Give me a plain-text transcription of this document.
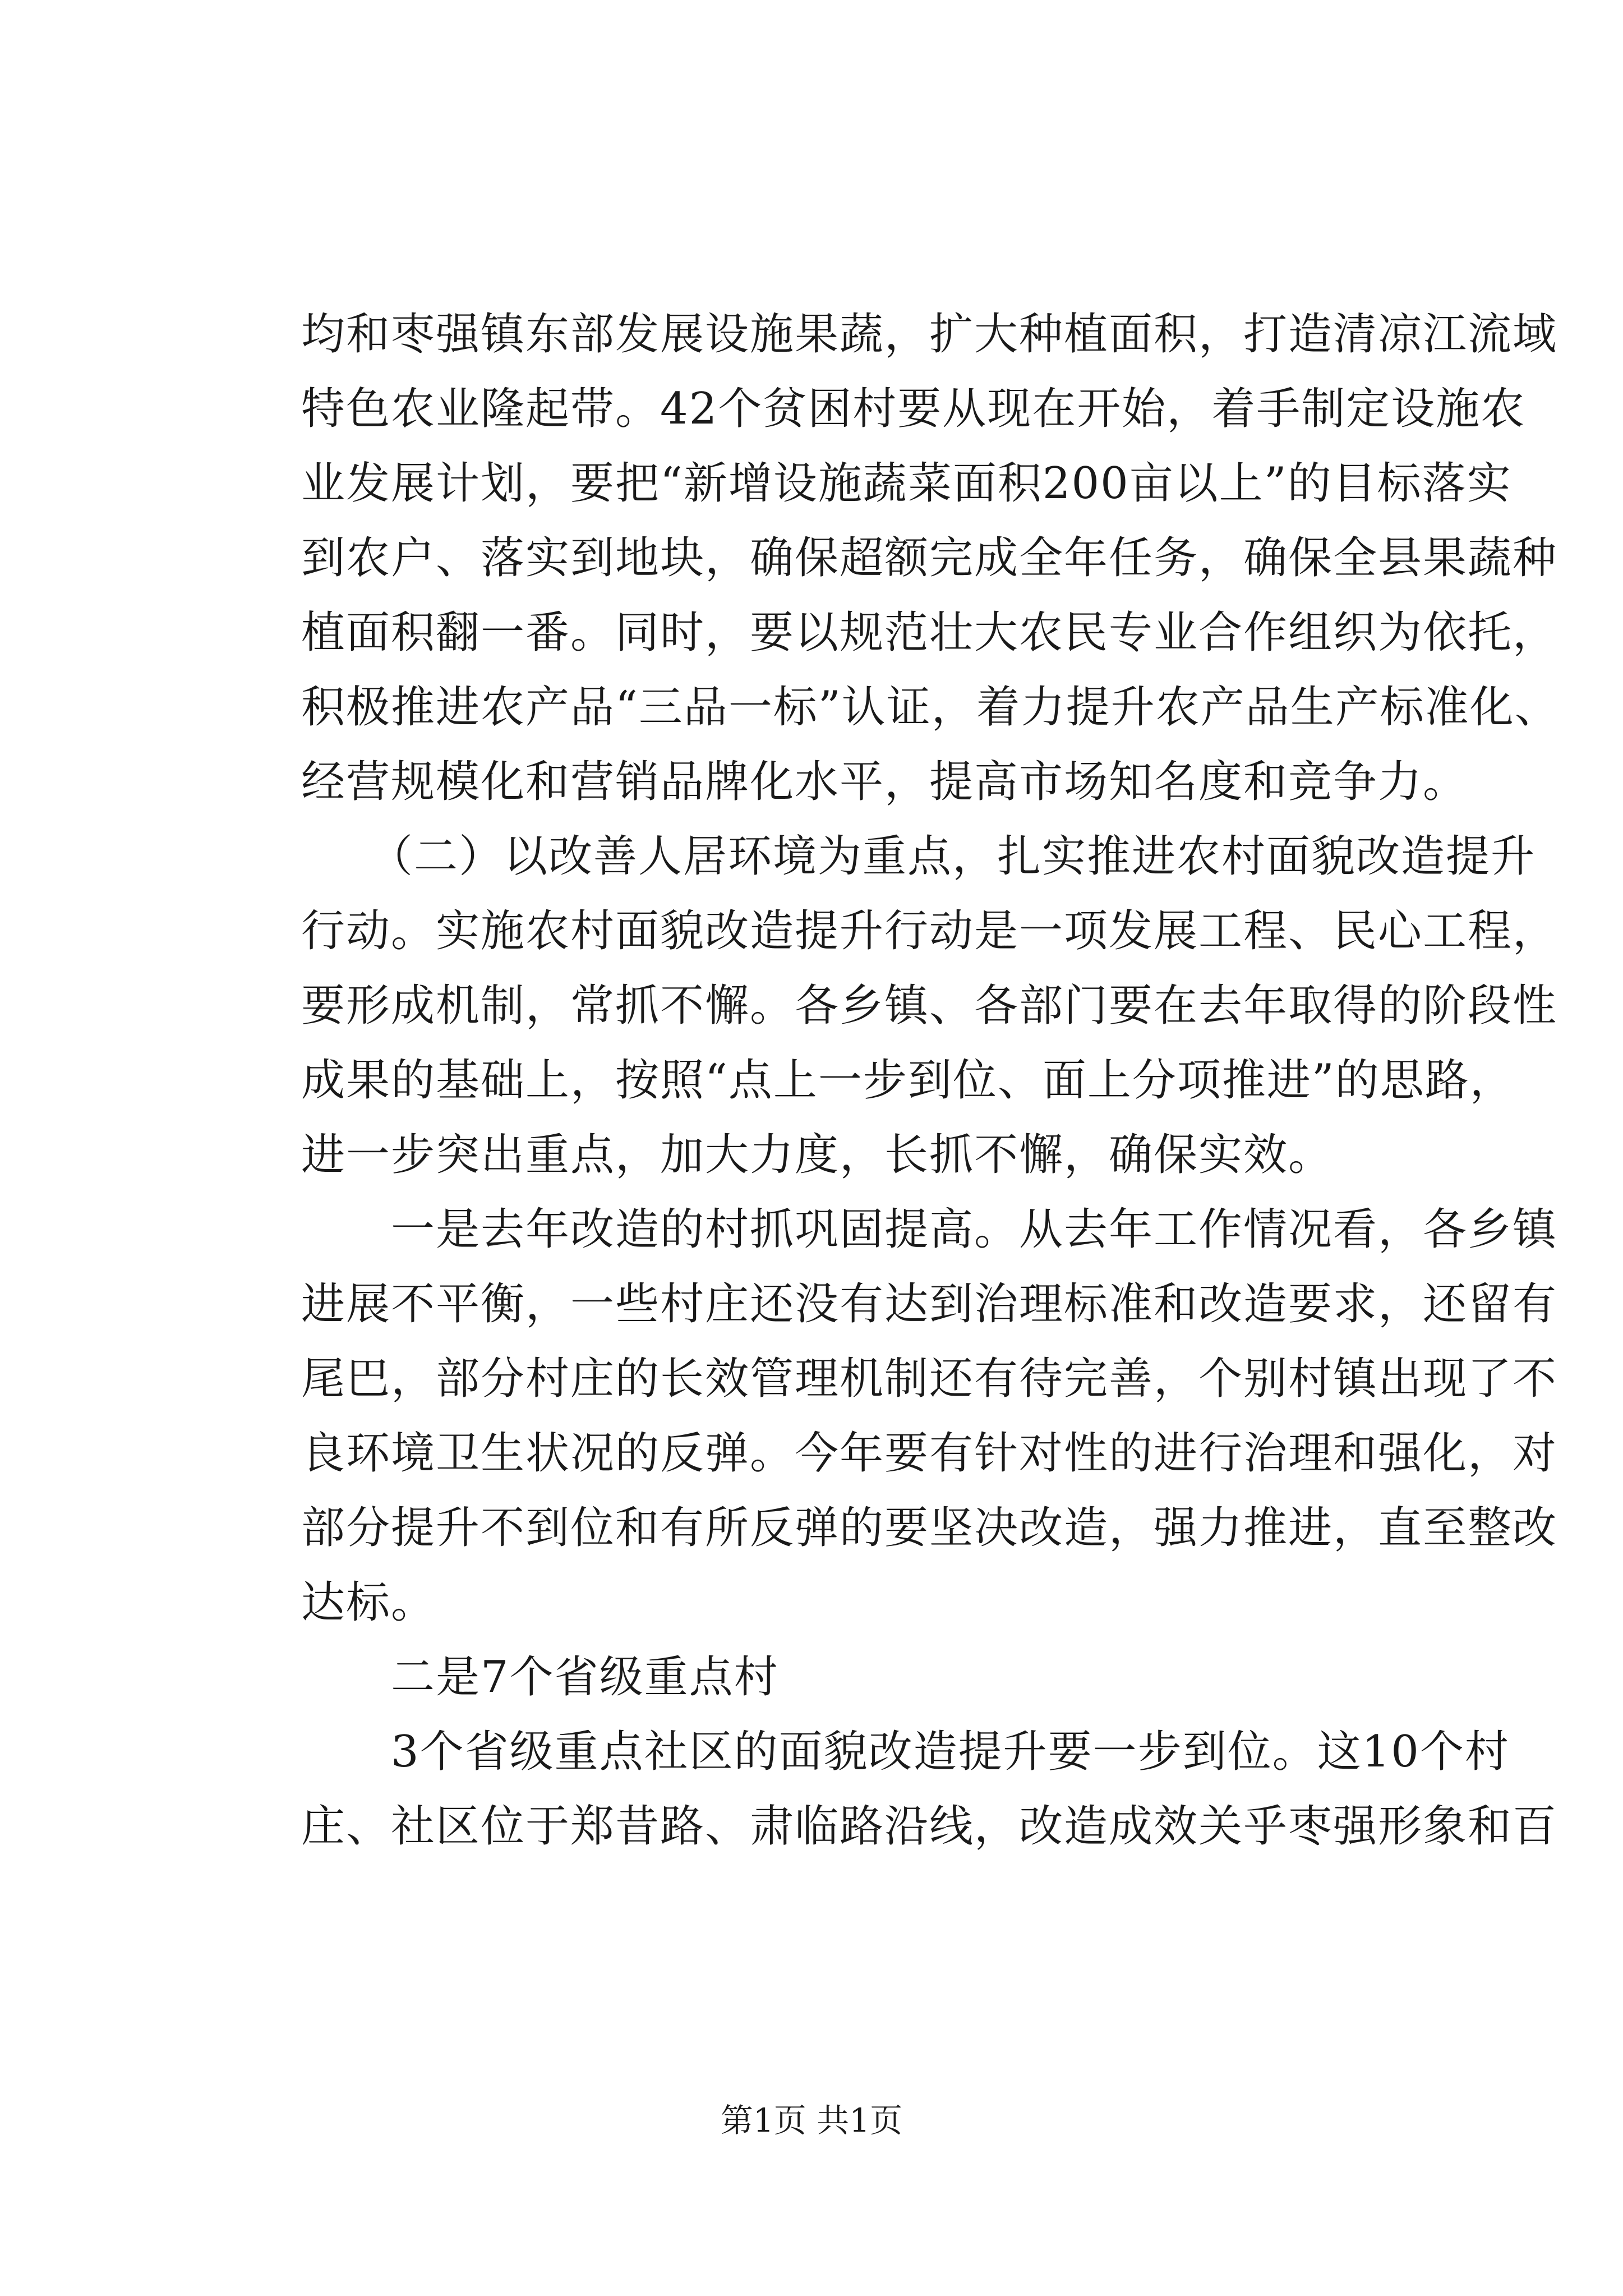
均和枣强镇东部发展设施果蔬，扩大种植面积，打造清凉江流域
特色农业隆起带。42个贫困村要从现在开始，着手制定设施农
业发展计划，要把“新增设施蔬菜面积200亩以上”的目标落实
到农户、落实到地块，确保超额完成全年任务，确保全县果蔬种
植面积翻一番。同时，要以规范壮大农民专业合作组织为依托，
积极推进农产品“三品一标”认证，着力提升农产品生产标准化、
经营规模化和营销品牌化水平，提高市场知名度和竞争力。
　　（二）以改善人居环境为重点，扎实推进农村面貌改造提升
行动。实施农村面貌改造提升行动是一项发展工程、民心工程，
要形成机制，常抓不懈。各乡镇、各部门要在去年取得的阶段性
成果的基础上，按照“点上一步到位、面上分项推进”的思路，
进一步突出重点，加大力度，长抓不懈，确保实效。
　　一是去年改造的村抓巩固提高。从去年工作情况看，各乡镇
进展不平衡，一些村庄还没有达到治理标准和改造要求，还留有
尾巴，部分村庄的长效管理机制还有待完善，个别村镇出现了不
良环境卫生状况的反弹。今年要有针对性的进行治理和强化，对
部分提升不到位和有所反弹的要坚决改造，强力推进，直至整改
达标。
　　二是7个省级重点村
　　3个省级重点社区的面貌改造提升要一步到位。这10个村
庄、社区位于郑昔路、肃临路沿线，改造成效关乎枣强形象和百
第1页 共1页
